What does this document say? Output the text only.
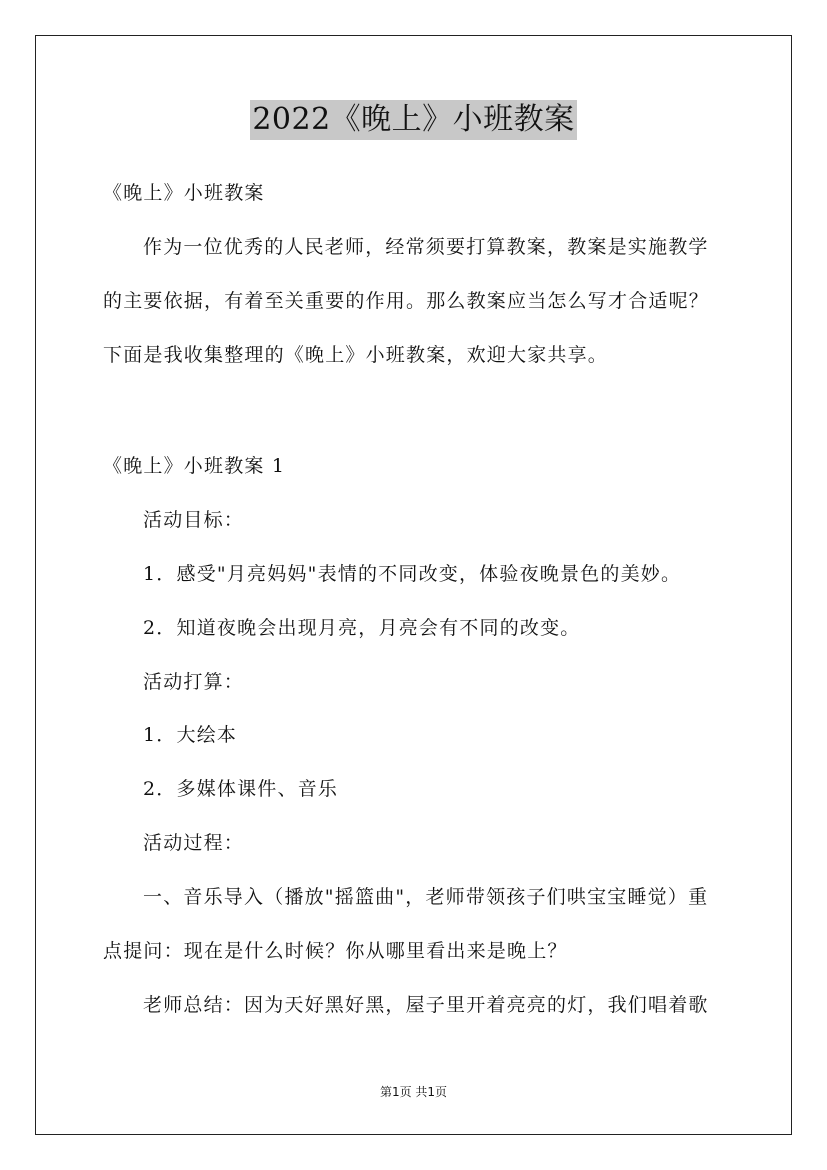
2022《晚上》小班教案
《晚上》小班教案
作为一位优秀的人民老师，经常须要打算教案，教案是实施教学
的主要依据，有着至关重要的作用。那么教案应当怎么写才合适呢？
下面是我收集整理的《晚上》小班教案，欢迎大家共享。
《晚上》小班教案 1
活动目标：
1．感受"月亮妈妈"表情的不同改变，体验夜晚景色的美妙。
2．知道夜晚会出现月亮，月亮会有不同的改变。
活动打算：
1．大绘本
2．多媒体课件、音乐
活动过程：
一、音乐导入（播放"摇篮曲"，老师带领孩子们哄宝宝睡觉）重
点提问：现在是什么时候？你从哪里看出来是晚上？
老师总结：因为天好黑好黑，屋子里开着亮亮的灯，我们唱着歌
第1页 共1页
